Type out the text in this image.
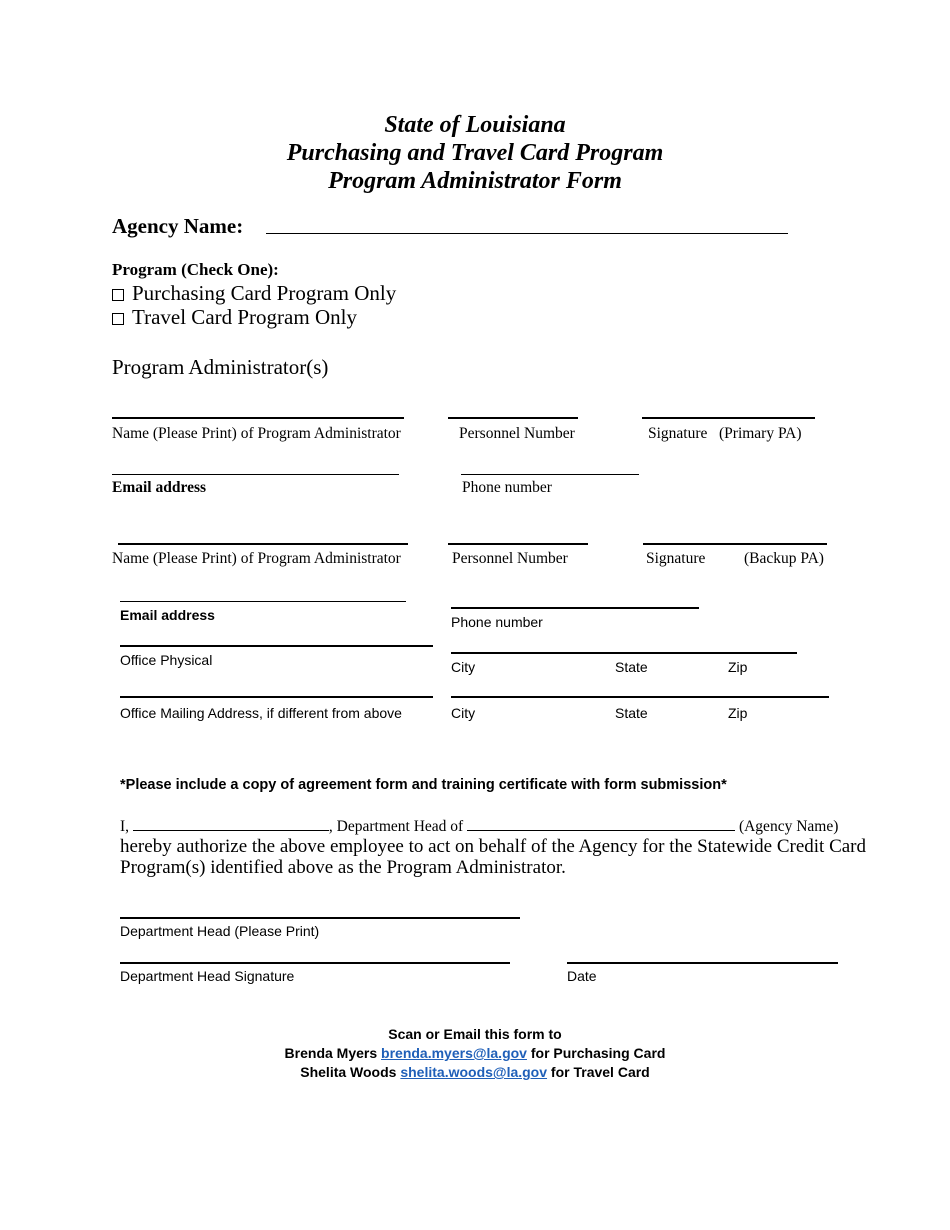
State of Louisiana
Purchasing and Travel Card Program
Program Administrator Form
Agency Name:
Program (Check One):
Purchasing Card Program Only
Travel Card Program Only
Program Administrator(s)
Name (Please Print) of Program Administrator	Personnel Number	Signature (Primary PA)
Email address	Phone number
Name (Please Print) of Program Administrator	Personnel Number	Signature (Backup PA)
Email address	Phone number
Office Physical	City	State	Zip
Office Mailing Address, if different from above	City	State	Zip
*Please include a copy of agreement form and training certificate with form submission*
I,	, Department Head of	(Agency Name)
hereby authorize the above employee to act on behalf of the Agency for the Statewide Credit Card
Program(s) identified above as the Program Administrator.
Department Head (Please Print)
Department Head Signature	Date
Scan or Email this form to
Brenda Myers brenda.myers@la.gov for Purchasing Card
Shelita Woods shelita.woods@la.gov for Travel Card
